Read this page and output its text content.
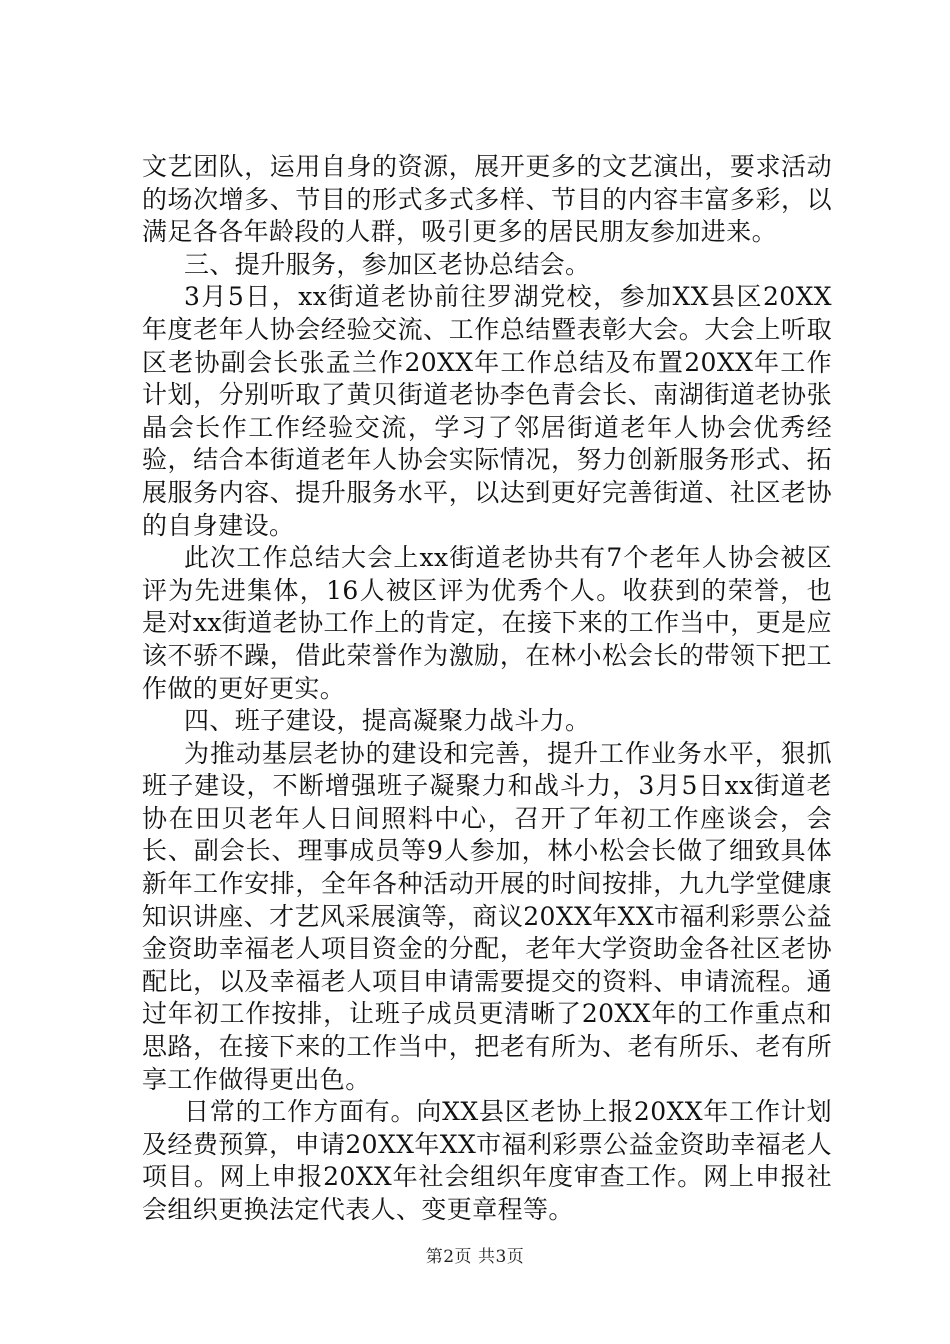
文艺团队，运用自身的资源，展开更多的文艺演出，要求活动的场次增多、节目的形式多式多样、节目的内容丰富多彩，以满足各各年龄段的人群，吸引更多的居民朋友参加进来。

三、提升服务，参加区老协总结会。

3月5日，xx街道老协前往罗湖党校，参加XX县区20XX年度老年人协会经验交流、工作总结暨表彰大会。大会上听取区老协副会长张孟兰作20XX年工作总结及布置20XX年工作计划，分别听取了黄贝街道老协李色青会长、南湖街道老协张晶会长作工作经验交流，学习了邻居街道老年人协会优秀经验，结合本街道老年人协会实际情况，努力创新服务形式、拓展服务内容、提升服务水平，以达到更好完善街道、社区老协的自身建设。

此次工作总结大会上xx街道老协共有7个老年人协会被区评为先进集体，16人被区评为优秀个人。收获到的荣誉，也是对xx街道老协工作上的肯定，在接下来的工作当中，更是应该不骄不躁，借此荣誉作为激励，在林小松会长的带领下把工作做的更好更实。

四、班子建设，提高凝聚力战斗力。

为推动基层老协的建设和完善，提升工作业务水平，狠抓班子建设，不断增强班子凝聚力和战斗力，3月5日xx街道老协在田贝老年人日间照料中心，召开了年初工作座谈会，会长、副会长、理事成员等9人参加，林小松会长做了细致具体新年工作安排，全年各种活动开展的时间按排，九九学堂健康知识讲座、才艺风采展演等，商议20XX年XX市福利彩票公益金资助幸福老人项目资金的分配，老年大学资助金各社区老协配比，以及幸福老人项目申请需要提交的资料、申请流程。通过年初工作按排，让班子成员更清晰了20XX年的工作重点和思路，在接下来的工作当中，把老有所为、老有所乐、老有所享工作做得更出色。

日常的工作方面有。向XX县区老协上报20XX年工作计划及经费预算，申请20XX年XX市福利彩票公益金资助幸福老人项目。网上申报20XX年社会组织年度审查工作。网上申报社会组织更换法定代表人、变更章程等。

第2页 共3页
